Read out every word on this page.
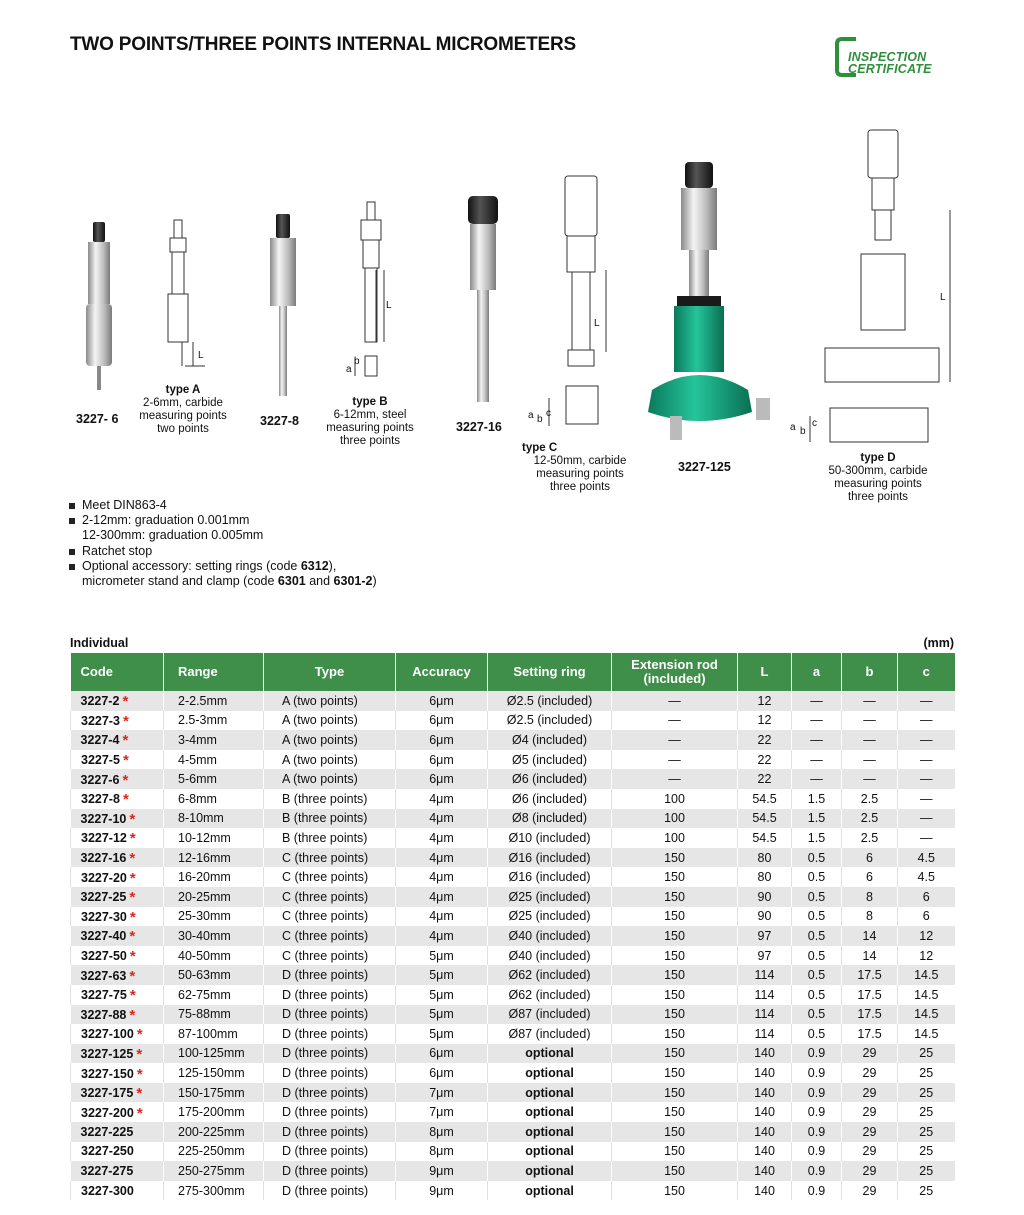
TWO POINTS/THREE POINTS INTERNAL MICROMETERS
INSPECTION
CERTIFICATE
L
L
a
b
L
a b
c
L
a b
c
3227- 6	3227-8	3227-16
3227-125
type A
2-6mm, carbide
measuring points
two points
type B
6-12mm, steel
measuring points
three points
type C
12-50mm, carbide
measuring points
three points
type D
50-300mm, carbide
measuring points
three points
Meet DIN863-4
2-12mm: graduation 0.001mm
12-300mm: graduation 0.005mm
Ratchet stop
Optional accessory: setting rings (code 6312),
micrometer stand and clamp (code 6301 and 6301-2)
Individual	(mm)
Code	Range	Type	Accuracy	Setting ring	Extension rod (included)	L	a	b	c
3227-2 *	2-2.5mm	A (two points)	6μm	Ø2.5 (included)	—	12	—	—	—
3227-3 *	2.5-3mm	A (two points)	6μm	Ø2.5 (included)	—	12	—	—	—
3227-4 *	3-4mm	A (two points)	6μm	Ø4 (included)	—	22	—	—	—
3227-5 *	4-5mm	A (two points)	6μm	Ø5 (included)	—	22	—	—	—
3227-6 *	5-6mm	A (two points)	6μm	Ø6 (included)	—	22	—	—	—
3227-8 *	6-8mm	B (three points)	4μm	Ø6 (included)	100	54.5	1.5	2.5	—
3227-10 *	8-10mm	B (three points)	4μm	Ø8 (included)	100	54.5	1.5	2.5	—
3227-12 *	10-12mm	B (three points)	4μm	Ø10 (included)	100	54.5	1.5	2.5	—
3227-16 *	12-16mm	C (three points)	4μm	Ø16 (included)	150	80	0.5	6	4.5
3227-20 *	16-20mm	C (three points)	4μm	Ø16 (included)	150	80	0.5	6	4.5
3227-25 *	20-25mm	C (three points)	4μm	Ø25 (included)	150	90	0.5	8	6
3227-30 *	25-30mm	C (three points)	4μm	Ø25 (included)	150	90	0.5	8	6
3227-40 *	30-40mm	C (three points)	4μm	Ø40 (included)	150	97	0.5	14	12
3227-50 *	40-50mm	C (three points)	5μm	Ø40 (included)	150	97	0.5	14	12
3227-63 *	50-63mm	D (three points)	5μm	Ø62 (included)	150	114	0.5	17.5	14.5
3227-75 *	62-75mm	D (three points)	5μm	Ø62 (included)	150	114	0.5	17.5	14.5
3227-88 *	75-88mm	D (three points)	5μm	Ø87 (included)	150	114	0.5	17.5	14.5
3227-100 *	87-100mm	D (three points)	5μm	Ø87 (included)	150	114	0.5	17.5	14.5
3227-125 *	100-125mm	D (three points)	6μm	optional	150	140	0.9	29	25
3227-150 *	125-150mm	D (three points)	6μm	optional	150	140	0.9	29	25
3227-175 *	150-175mm	D (three points)	7μm	optional	150	140	0.9	29	25
3227-200 *	175-200mm	D (three points)	7μm	optional	150	140	0.9	29	25
3227-225	200-225mm	D (three points)	8μm	optional	150	140	0.9	29	25
3227-250	225-250mm	D (three points)	8μm	optional	150	140	0.9	29	25
3227-275	250-275mm	D (three points)	9μm	optional	150	140	0.9	29	25
3227-300	275-300mm	D (three points)	9μm	optional	150	140	0.9	29	25
